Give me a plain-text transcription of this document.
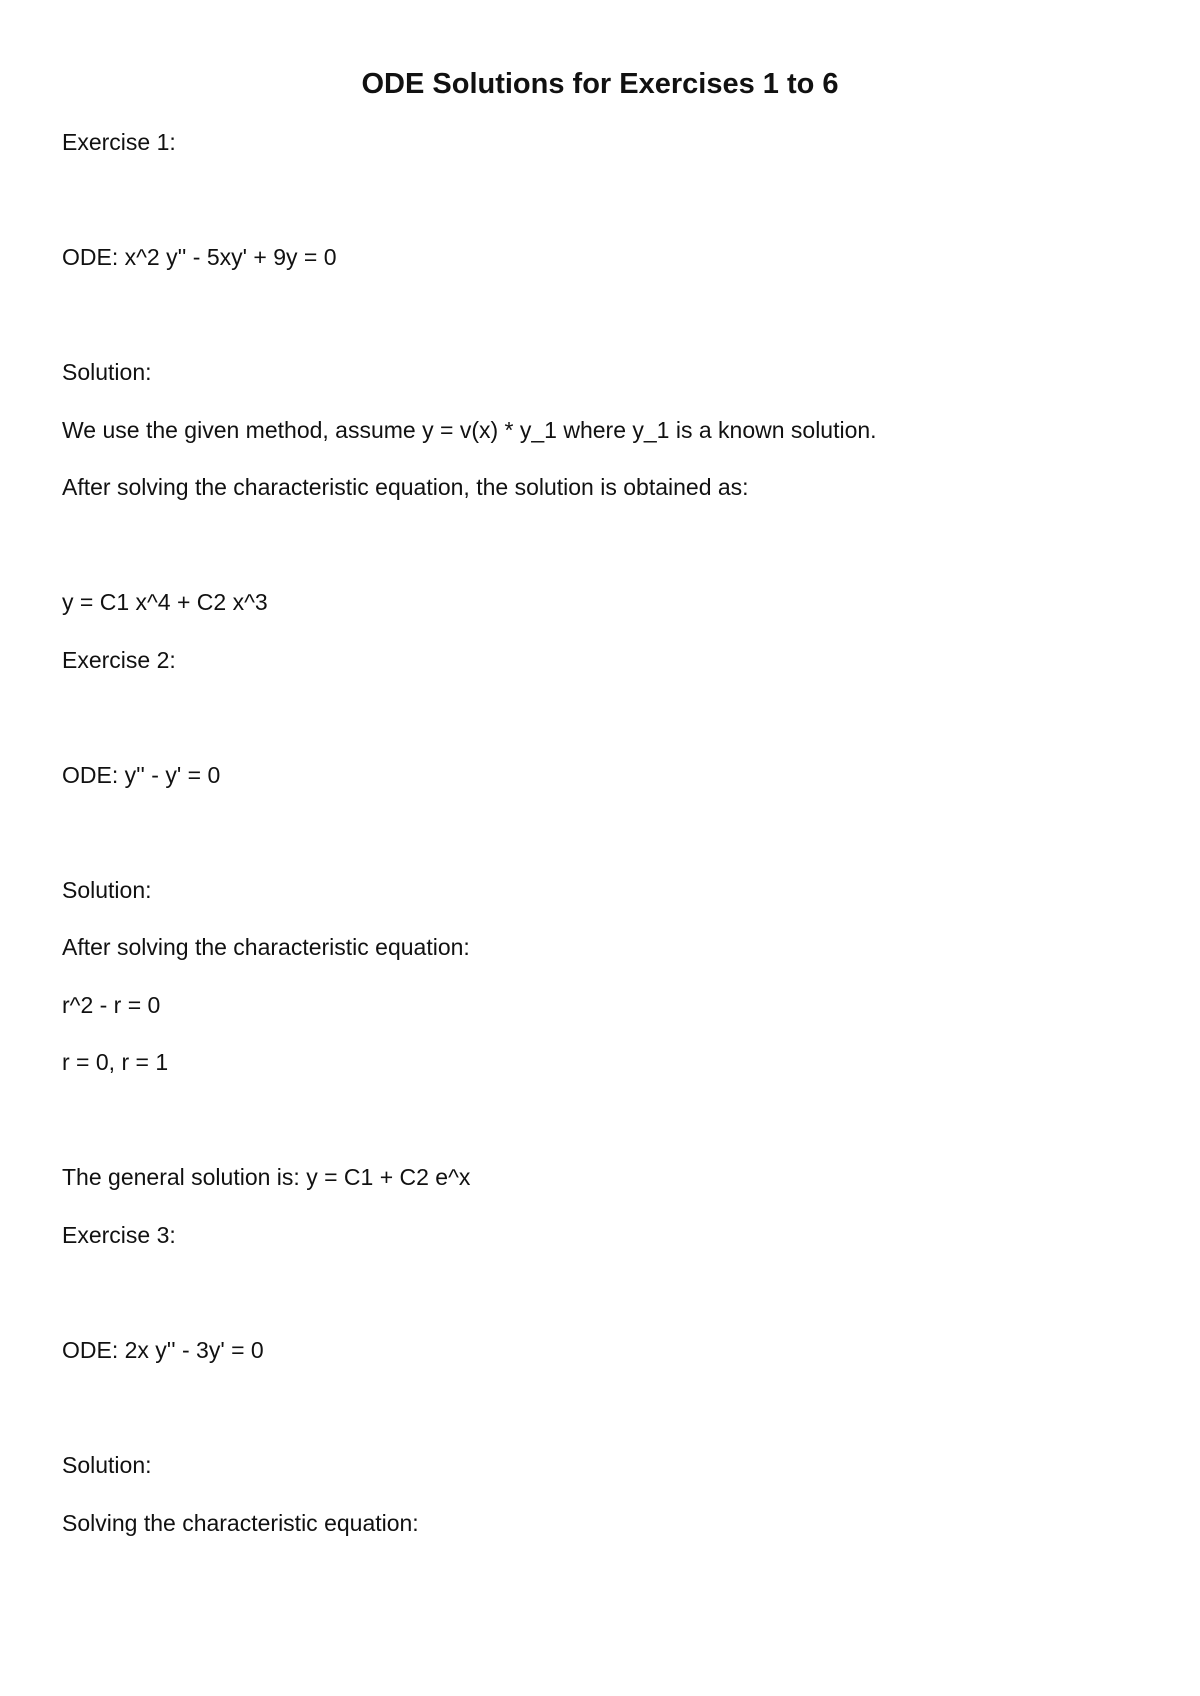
ODE Solutions for Exercises 1 to 6
Exercise 1:
ODE: x^2 y'' - 5xy' + 9y = 0
Solution:
We use the given method, assume y = v(x) * y_1 where y_1 is a known solution.
After solving the characteristic equation, the solution is obtained as:
y = C1 x^4 + C2 x^3
Exercise 2:
ODE: y'' - y' = 0
Solution:
After solving the characteristic equation:
r^2 - r = 0
r = 0, r = 1
The general solution is: y = C1 + C2 e^x
Exercise 3:
ODE: 2x y'' - 3y' = 0
Solution:
Solving the characteristic equation:
